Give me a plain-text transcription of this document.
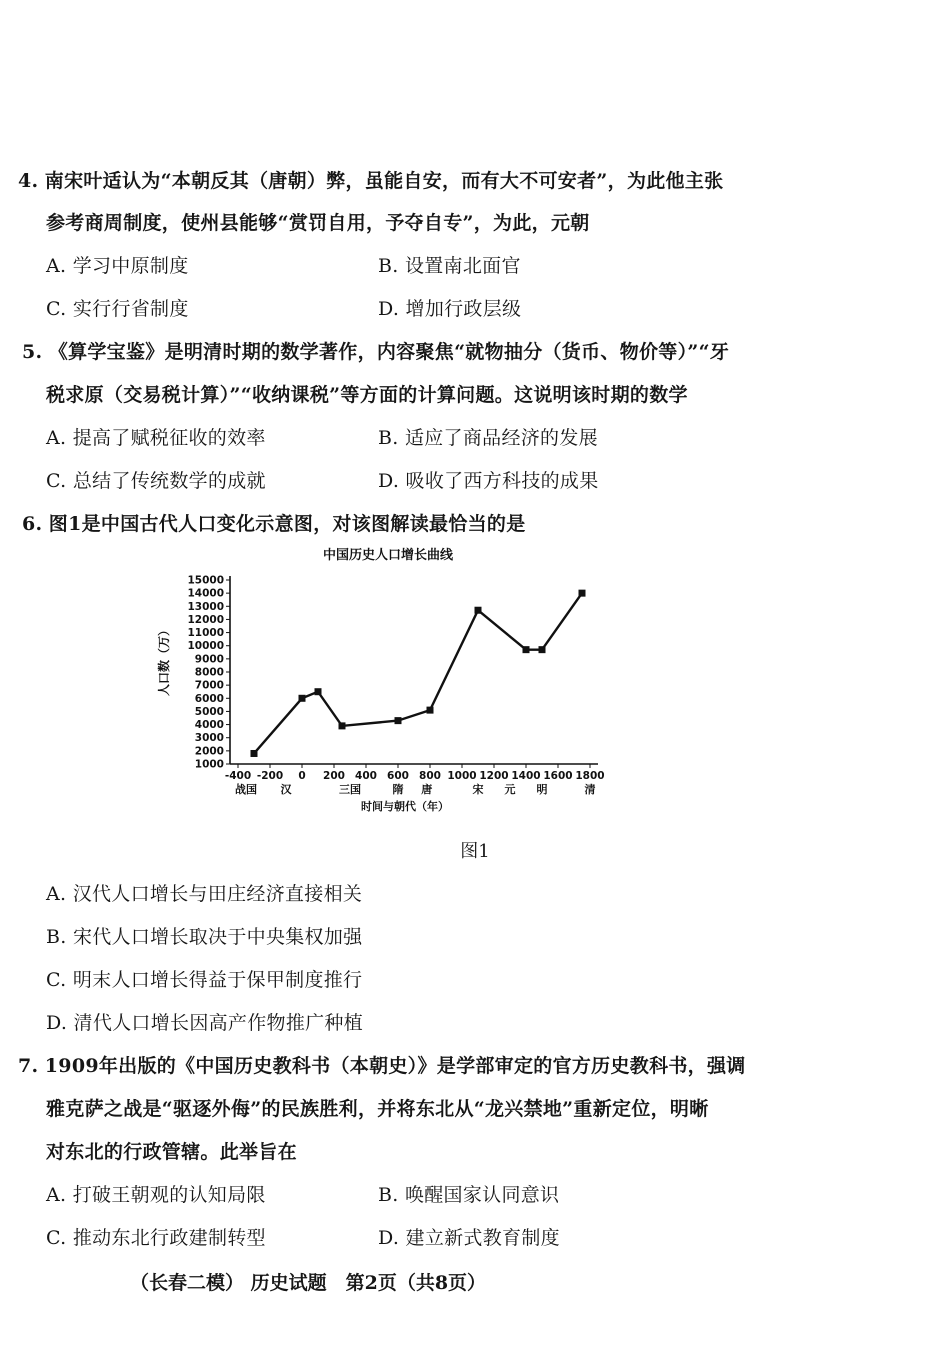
4. 南宋叶适认为“本朝反其（唐朝）弊，虽能自安，而有大不可安者”，为此他主张
参考商周制度，使州县能够“赏罚自用，予夺自专”，为此，元朝
A. 学习中原制度	B. 设置南北面官
C. 实行行省制度	D. 增加行政层级
5. 《算学宝鉴》是明清时期的数学著作，内容聚焦“就物抽分（货币、物价等）”“牙
税求原（交易税计算）”“收纳课税”等方面的计算问题。这说明该时期的数学
A. 提高了赋税征收的效率	B. 适应了商品经济的发展
C. 总结了传统数学的成就	D. 吸收了西方科技的成果
6. 图1是中国古代人口变化示意图，对该图解读最恰当的是
中国历史人口增长曲线
1000
2000
3000
4000
5000
6000
7000
8000
9000
10000
11000
12000
13000
14000
15000
-400 -200 0 200 400 600 800 1000 1200 1400 1600 1800
战国 汉	三国	隋 唐	宋 元 明	清
人口数（万）
时间与朝代（年）
图1
A. 汉代人口增长与田庄经济直接相关
B. 宋代人口增长取决于中央集权加强
C. 明末人口增长得益于保甲制度推行
D. 清代人口增长因高产作物推广种植
7. 1909年出版的《中国历史教科书（本朝史）》是学部审定的官方历史教科书，强调
雅克萨之战是“驱逐外侮”的民族胜利，并将东北从“龙兴禁地”重新定位，明晰
对东北的行政管辖。此举旨在
A. 打破王朝观的认知局限	B. 唤醒国家认同意识
C. 推动东北行政建制转型	D. 建立新式教育制度
（长春二模） 历史试题　第2页（共8页）
